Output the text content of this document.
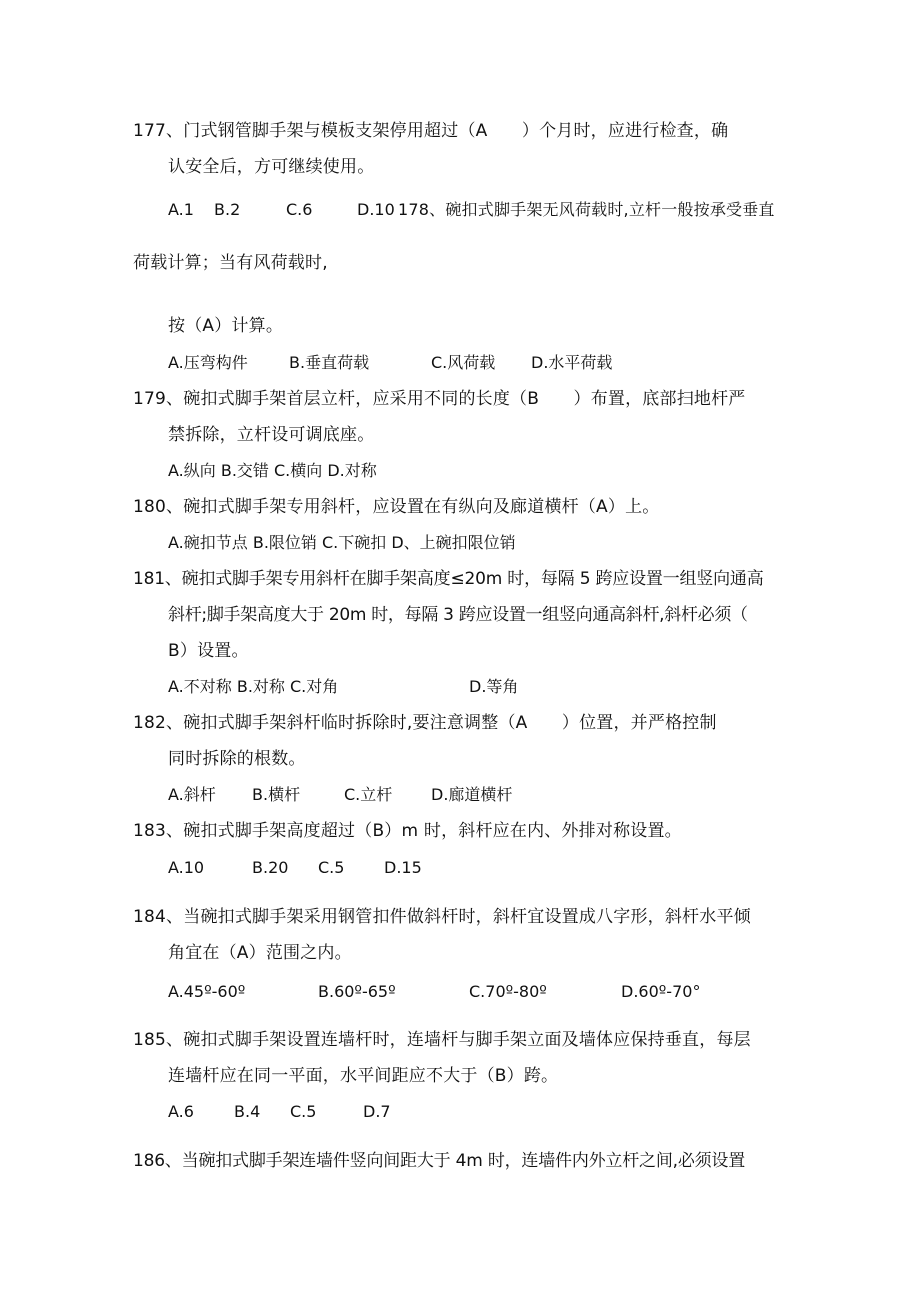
177、门式钢管脚手架与模板支架停用超过（A　　）个月时，应进行检查，确
认安全后，方可继续使用。
A.1 B.2	C.6	D.10 178、碗扣式脚手架无风荷载时,立杆一般按承受垂直
荷载计算；当有风荷载时,
按（A）计算。
A.压弯构件	B.垂直荷载	C.风荷载 D.水平荷载
179、碗扣式脚手架首层立杆，应采用不同的长度（B　　）布置，底部扫地杆严
禁拆除，立杆设可调底座。
A.纵向 B.交错 C.横向 D.对称
180、碗扣式脚手架专用斜杆，应设置在有纵向及廊道横杆（A）上。
A.碗扣节点 B.限位销 C.下碗扣 D、上碗扣限位销
181、碗扣式脚手架专用斜杆在脚手架高度≤20m 时，每隔 5 跨应设置一组竖向通高
斜杆;脚手架高度大于 20m 时，每隔 3 跨应设置一组竖向通高斜杆,斜杆必须（
B）设置。
A.不对称 B.对称 C.对角	D.等角
182、碗扣式脚手架斜杆临时拆除时,要注意调整（A　　）位置，并严格控制
同时拆除的根数。
A.斜杆 B.横杆	C.立杆 D.廊道横杆
183、碗扣式脚手架高度超过（B）m 时，斜杆应在内、外排对称设置。
A.10	B.20 C.5 D.15
184、当碗扣式脚手架采用钢管扣件做斜杆时，斜杆宜设置成八字形，斜杆水平倾
角宜在（A）范围之内。
A.45º-60º	B.60º-65º	C.70º-80º	D.60º-70°
185、碗扣式脚手架设置连墙杆时，连墙杆与脚手架立面及墙体应保持垂直，每层
连墙杆应在同一平面，水平间距应不大于（B）跨。
A.6	B.4 C.5	D.7
186、当碗扣式脚手架连墙件竖向间距大于 4m 时，连墙件内外立杆之间,必须设置
